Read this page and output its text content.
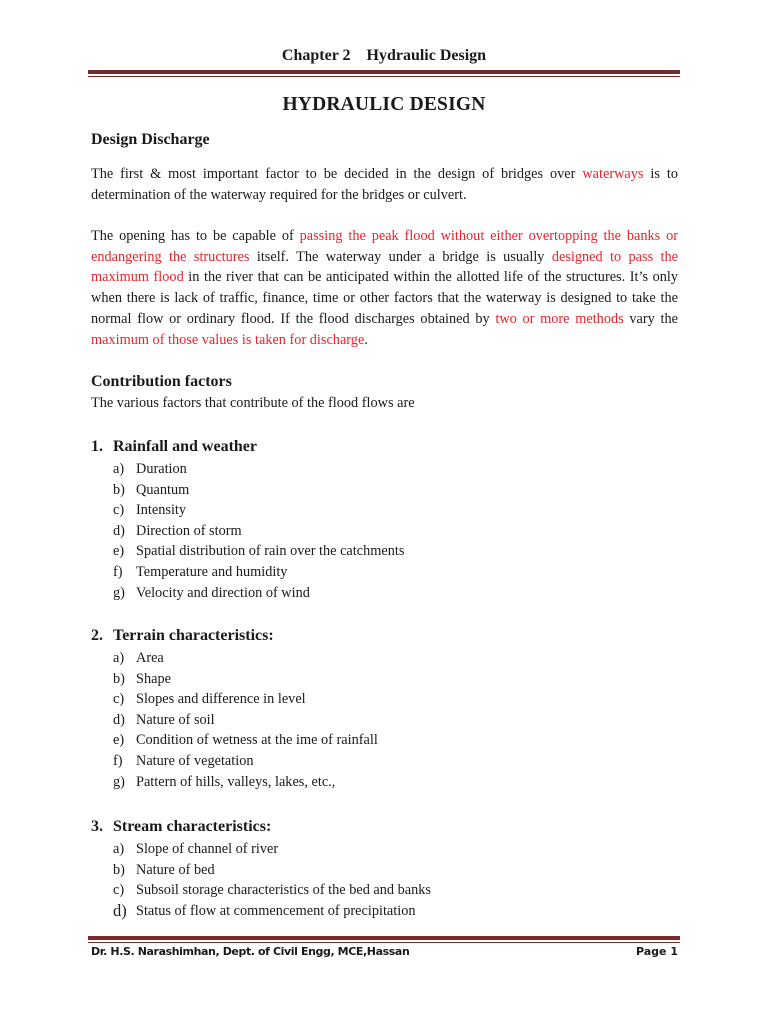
Chapter 2 Hydraulic Design
HYDRAULIC DESIGN
Design Discharge
The first & most important factor to be decided in the design of bridges over waterways is to determination of the waterway required for the bridges or culvert.
The opening has to be capable of passing the peak flood without either overtopping the banks or endangering the structures itself. The waterway under a bridge is usually designed to pass the maximum flood in the river that can be anticipated within the allotted life of the structures. It’s only when there is lack of traffic, finance, time or other factors that the waterway is designed to take the normal flow or ordinary flood. If the flood discharges obtained by two or more methods vary the maximum of those values is taken for discharge.
Contribution factors
The various factors that contribute of the flood flows are
1. Rainfall and weather
a) Duration
b) Quantum
c) Intensity
d) Direction of storm
e) Spatial distribution of rain over the catchments
f) Temperature and humidity
g) Velocity and direction of wind
2. Terrain characteristics:
a) Area
b) Shape
c) Slopes and difference in level
d) Nature of soil
e) Condition of wetness at the ime of rainfall
f) Nature of vegetation
g) Pattern of hills, valleys, lakes, etc.,
3. Stream characteristics:
a) Slope of channel of river
b) Nature of bed
c) Subsoil storage characteristics of the bed and banks
d) Status of flow at commencement of precipitation
Dr. H.S. Narashimhan, Dept. of Civil Engg, MCE,Hassan	Page 1
